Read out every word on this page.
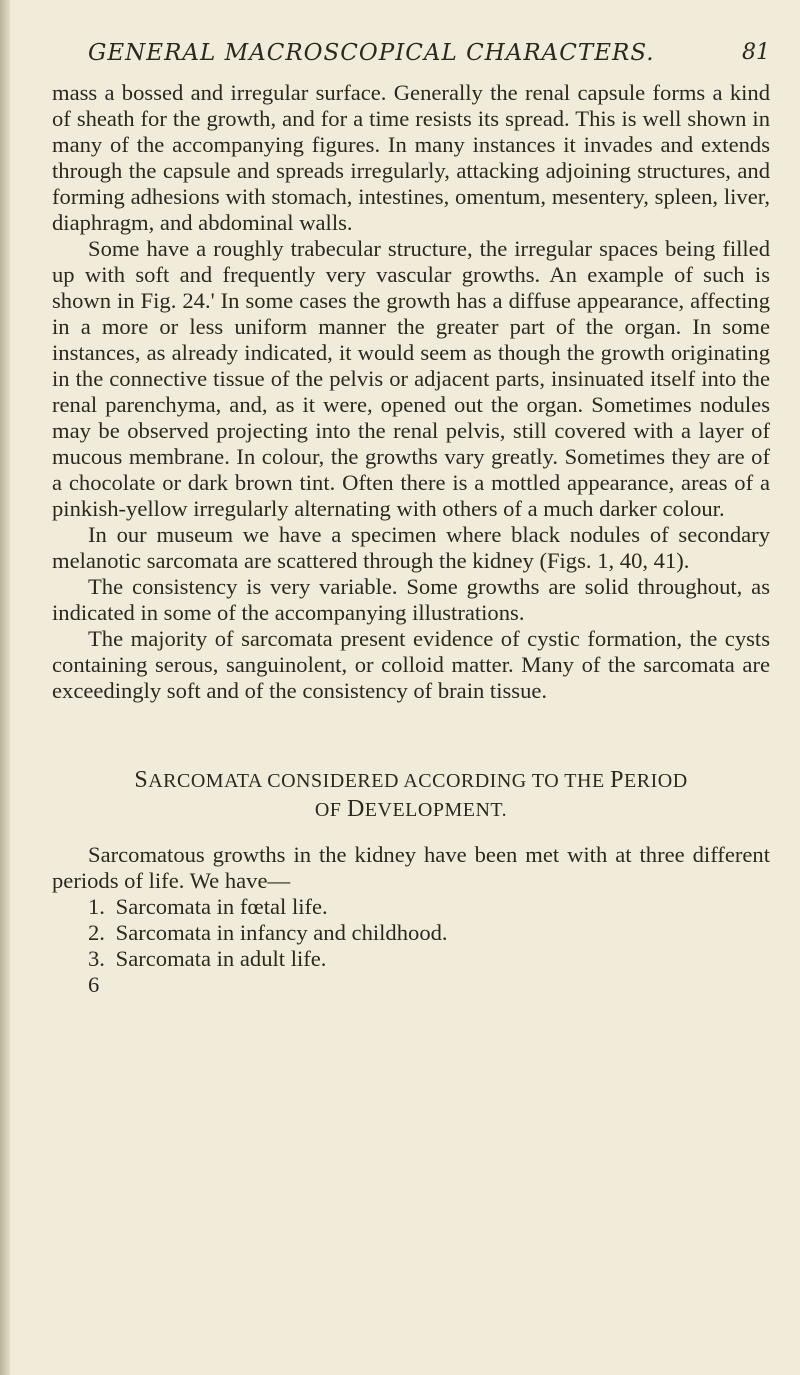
GENERAL MACROSCOPICAL CHARACTERS.	81

mass a bossed and irregular surface. Generally the renal capsule forms a kind of sheath for the growth, and for a time resists its spread. This is well shown in many of the accompanying figures. In many instances it invades and extends through the capsule and spreads irregularly, attacking adjoining structures, and forming adhesions with stomach, intestines, omentum, mesentery, spleen, liver, diaphragm, and abdominal walls.

Some have a roughly trabecular structure, the irregular spaces being filled up with soft and frequently very vascular growths. An example of such is shown in Fig. 24.' In some cases the growth has a diffuse appearance, affecting in a more or less uniform manner the greater part of the organ. In some instances, as already indicated, it would seem as though the growth originating in the connective tissue of the pelvis or adjacent parts, insinuated itself into the renal parenchyma, and, as it were, opened out the organ. Sometimes nodules may be observed projecting into the renal pelvis, still covered with a layer of mucous membrane. In colour, the growths vary greatly. Sometimes they are of a chocolate or dark brown tint. Often there is a mottled appearance, areas of a pinkish-yellow irregularly alternating with others of a much darker colour.

In our museum we have a specimen where black nodules of secondary melanotic sarcomata are scattered through the kidney (Figs. 1, 40, 41).

The consistency is very variable. Some growths are solid throughout, as indicated in some of the accompanying illustrations.

The majority of sarcomata present evidence of cystic formation, the cysts containing serous, sanguinolent, or colloid matter. Many of the sarcomata are exceedingly soft and of the consistency of brain tissue.

SARCOMATA CONSIDERED ACCORDING TO THE PERIOD
OF DEVELOPMENT.

Sarcomatous growths in the kidney have been met with at three different periods of life. We have—

1. Sarcomata in fœtal life.
2. Sarcomata in infancy and childhood.
3. Sarcomata in adult life.
6
